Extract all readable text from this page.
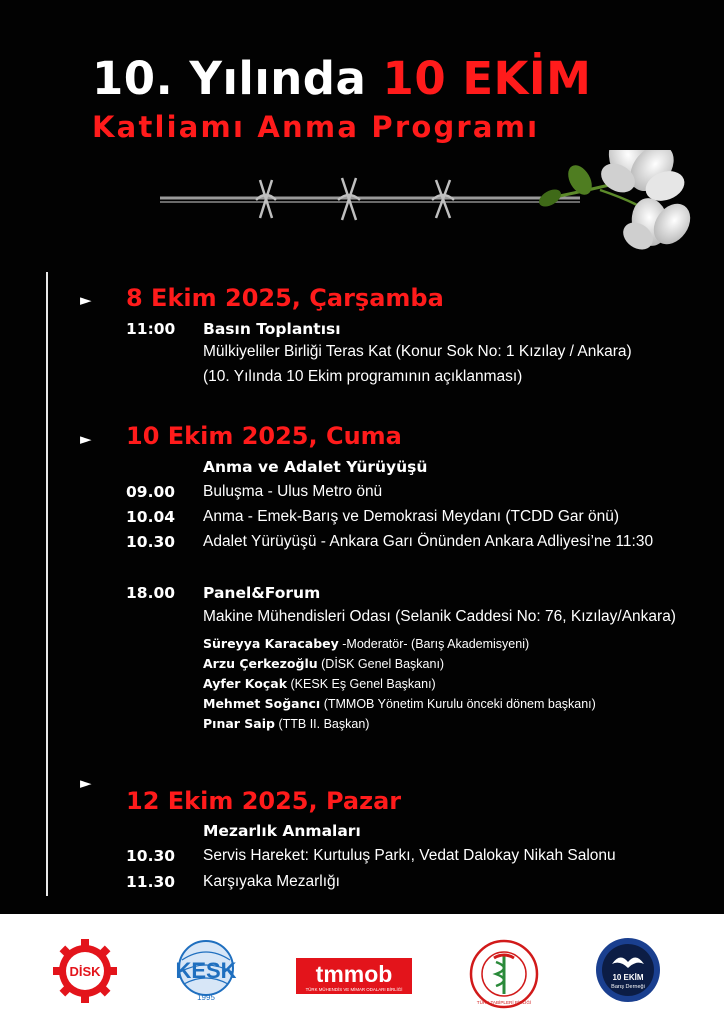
10. Yılında 10 EKİM
Katliamı Anma Programı
► 8 Ekim 2025, Çarşamba
11:00 Basın Toplantısı
Mülkiyeliler Birliği Teras Kat (Konur Sok No: 1 Kızılay / Ankara)
(10. Yılında 10 Ekim programının açıklanması)
► 10 Ekim 2025, Cuma
Anma ve Adalet Yürüyüşü
09.00 Buluşma - Ulus Metro önü
10.04 Anma - Emek-Barış ve Demokrasi Meydanı (TCDD Gar önü)
10.30 Adalet Yürüyüşü - Ankara Garı Önünden Ankara Adliyesi’ne 11:30
18.00 Panel&Forum
Makine Mühendisleri Odası (Selanik Caddesi No: 76, Kızılay/Ankara)
Süreyya Karacabey -Moderatör- (Barış Akademisyeni)
Arzu Çerkezoğlu (DİSK Genel Başkanı)
Ayfer Koçak (KESK Eş Genel Başkanı)
Mehmet Soğancı (TMMOB Yönetim Kurulu önceki dönem başkanı)
Pınar Saip (TTB II. Başkan)
►
12 Ekim 2025, Pazar
Mezarlık Anmaları
10.30 Servis Hareket: Kurtuluş Parkı, Vedat Dalokay Nikah Salonu
11.30 Karşıyaka Mezarlığı
DİSK	KESK
1995
tmmob
TÜRK MÜHENDİS VE MİMAR ODALARI BİRLİĞİ
TÜRK TABİPLERİ BİRLİĞİ
10 EKİM
Barış Derneği
